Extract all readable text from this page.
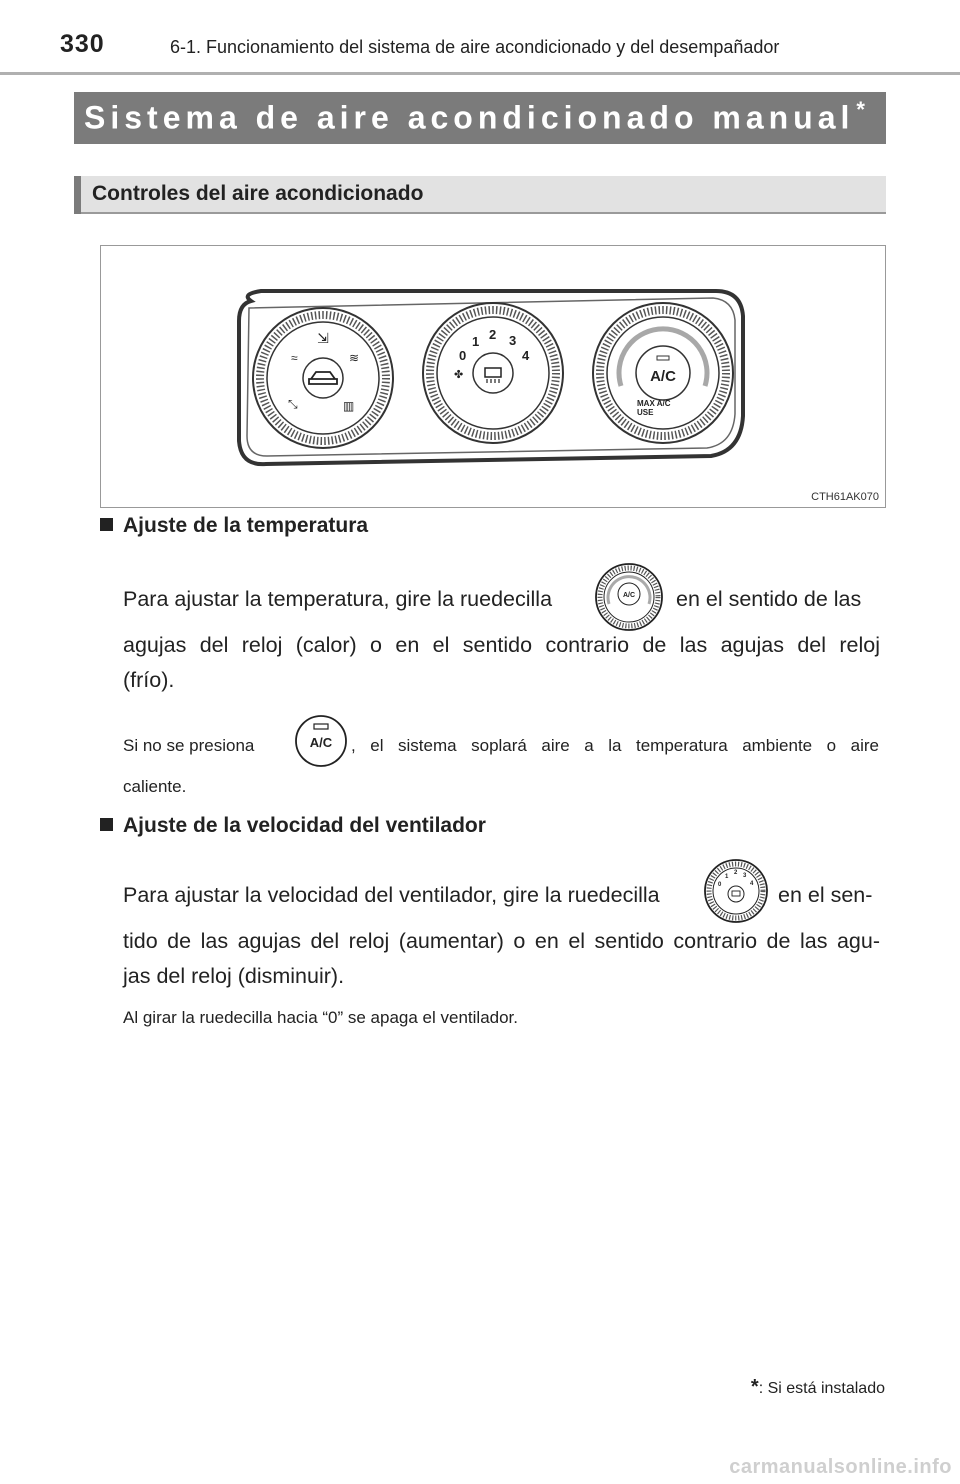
330	6-1. Funcionamiento del sistema de aire acondicionado y del desempañador
Sistema de aire acondicionado manual*
Controles del aire acondicionado
⇲
≈	≋
⤡	▥
0
1 2 3
4
✤	A/C
MAX A/C
USE
CTH61AK070
Ajuste de la temperatura
Para ajustar la temperatura, gire la ruedecilla	A/C en el sentido de las
agujas del reloj (calor) o en el sentido contrario de las agujas del reloj
(frío).
Si no se presiona	A/C , el sistema soplará aire a la temperatura ambiente o aire
caliente.
Ajuste de la velocidad del ventilador
Para ajustar la velocidad del ventilador, gire la ruedecilla	0
1
2 3
4 en el sen-
tido de las agujas del reloj (aumentar) o en el sentido contrario de las agu-
jas del reloj (disminuir).
Al girar la ruedecilla hacia “0” se apaga el ventilador.
*: Si está instalado
carmanualsonline.info
